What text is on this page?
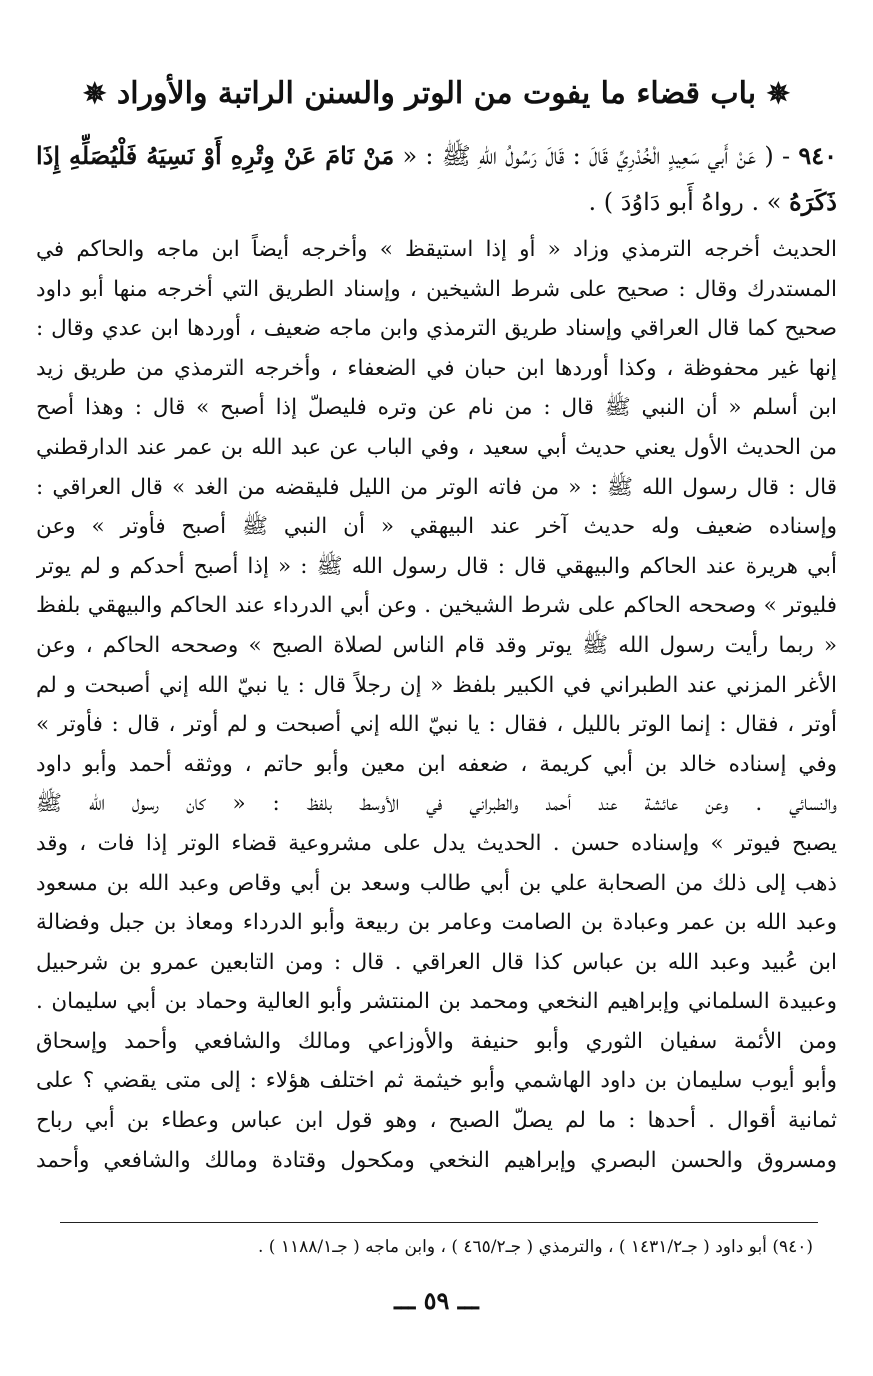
✵ باب قضاء ما يفوت من الوتر والسنن الراتبة والأوراد ✵
٩٤٠ - ( عَنْ أَبي سَعِيدٍ الْخُدْرِيِّ قَالَ : قَالَ رَسُولُ اللهِ ﷺ : « مَنْ نَامَ عَنْ وِتْرِهِ أَوْ نَسِيَهُ فَلْيُصَلِّهِ إِذَا ذَكَرَهُ » . رواهُ أَبو دَاوُدَ ) .
الحديث أخرجه الترمذي وزاد « أو إذا استيقظ » وأخرجه أيضاً ابن ماجه والحاكم في
المستدرك وقال : صحيح على شرط الشيخين ، وإسناد الطريق التي أخرجه منها أبو داود
صحيح كما قال العراقي وإسناد طريق الترمذي وابن ماجه ضعيف ، أوردها ابن عدي وقال :
إنها غير محفوظة ، وكذا أوردها ابن حبان في الضعفاء ، وأخرجه الترمذي من طريق زيد
ابن أسلم « أن النبي ﷺ قال : من نام عن وتره فليصلّ إذا أصبح » قال : وهذا أصح
من الحديث الأول يعني حديث أبي سعيد ، وفي الباب عن عبد الله بن عمر عند الدارقطني
قال : قال رسول الله ﷺ : « من فاته الوتر من الليل فليقضه من الغد » قال العراقي :
وإسناده ضعيف وله حديث آخر عند البيهقي « أن النبي ﷺ أصبح فأوتر » وعن
أبي هريرة عند الحاكم والبيهقي قال : قال رسول الله ﷺ : « إذا أصبح أحدكم و لم يوتر
فليوتر » وصححه الحاكم على شرط الشيخين . وعن أبي الدرداء عند الحاكم والبيهقي بلفظ
« ربما رأيت رسول الله ﷺ يوتر وقد قام الناس لصلاة الصبح » وصححه الحاكم ، وعن
الأغر المزني عند الطبراني في الكبير بلفظ « إن رجلاً قال : يا نبيّ الله إني أصبحت و لم
أوتر ، فقال : إنما الوتر بالليل ، فقال : يا نبيّ الله إني أصبحت و لم أوتر ، قال : فأوتر »
وفي إسناده خالد بن أبي كريمة ، ضعفه ابن معين وأبو حاتم ، ووثقه أحمد وأبو داود
والنسائي . وعن عائشة عند أحمد والطبراني في الأوسط بلفظ : « كان رسول الله ﷺ
يصبح فيوتر » وإسناده حسن . الحديث يدل على مشروعية قضاء الوتر إذا فات ، وقد
ذهب إلى ذلك من الصحابة علي بن أبي طالب وسعد بن أبي وقاص وعبد الله بن مسعود
وعبد الله بن عمر وعبادة بن الصامت وعامر بن ربيعة وأبو الدرداء ومعاذ بن جبل وفضالة
ابن عُبيد وعبد الله بن عباس كذا قال العراقي . قال : ومن التابعين عمرو بن شرحبيل
وعبيدة السلماني وإبراهيم النخعي ومحمد بن المنتشر وأبو العالية وحماد بن أبي سليمان .
ومن الأئمة سفيان الثوري وأبو حنيفة والأوزاعي ومالك والشافعي وأحمد وإسحاق
وأبو أيوب سليمان بن داود الهاشمي وأبو خيثمة ثم اختلف هؤلاء : إلى متى يقضي ؟ على
ثمانية أقوال . أحدها : ما لم يصلّ الصبح ، وهو قول ابن عباس وعطاء بن أبي رباح
ومسروق والحسن البصري وإبراهيم النخعي ومكحول وقتادة ومالك والشافعي وأحمد
(٩٤٠) أبو داود ( جـ١٤٣١/٢ ) ، والترمذي ( جـ٤٦٥/٢ ) ، وابن ماجه ( جـ١١٨٨/١ ) .
ـــ ٥٩ ـــ
